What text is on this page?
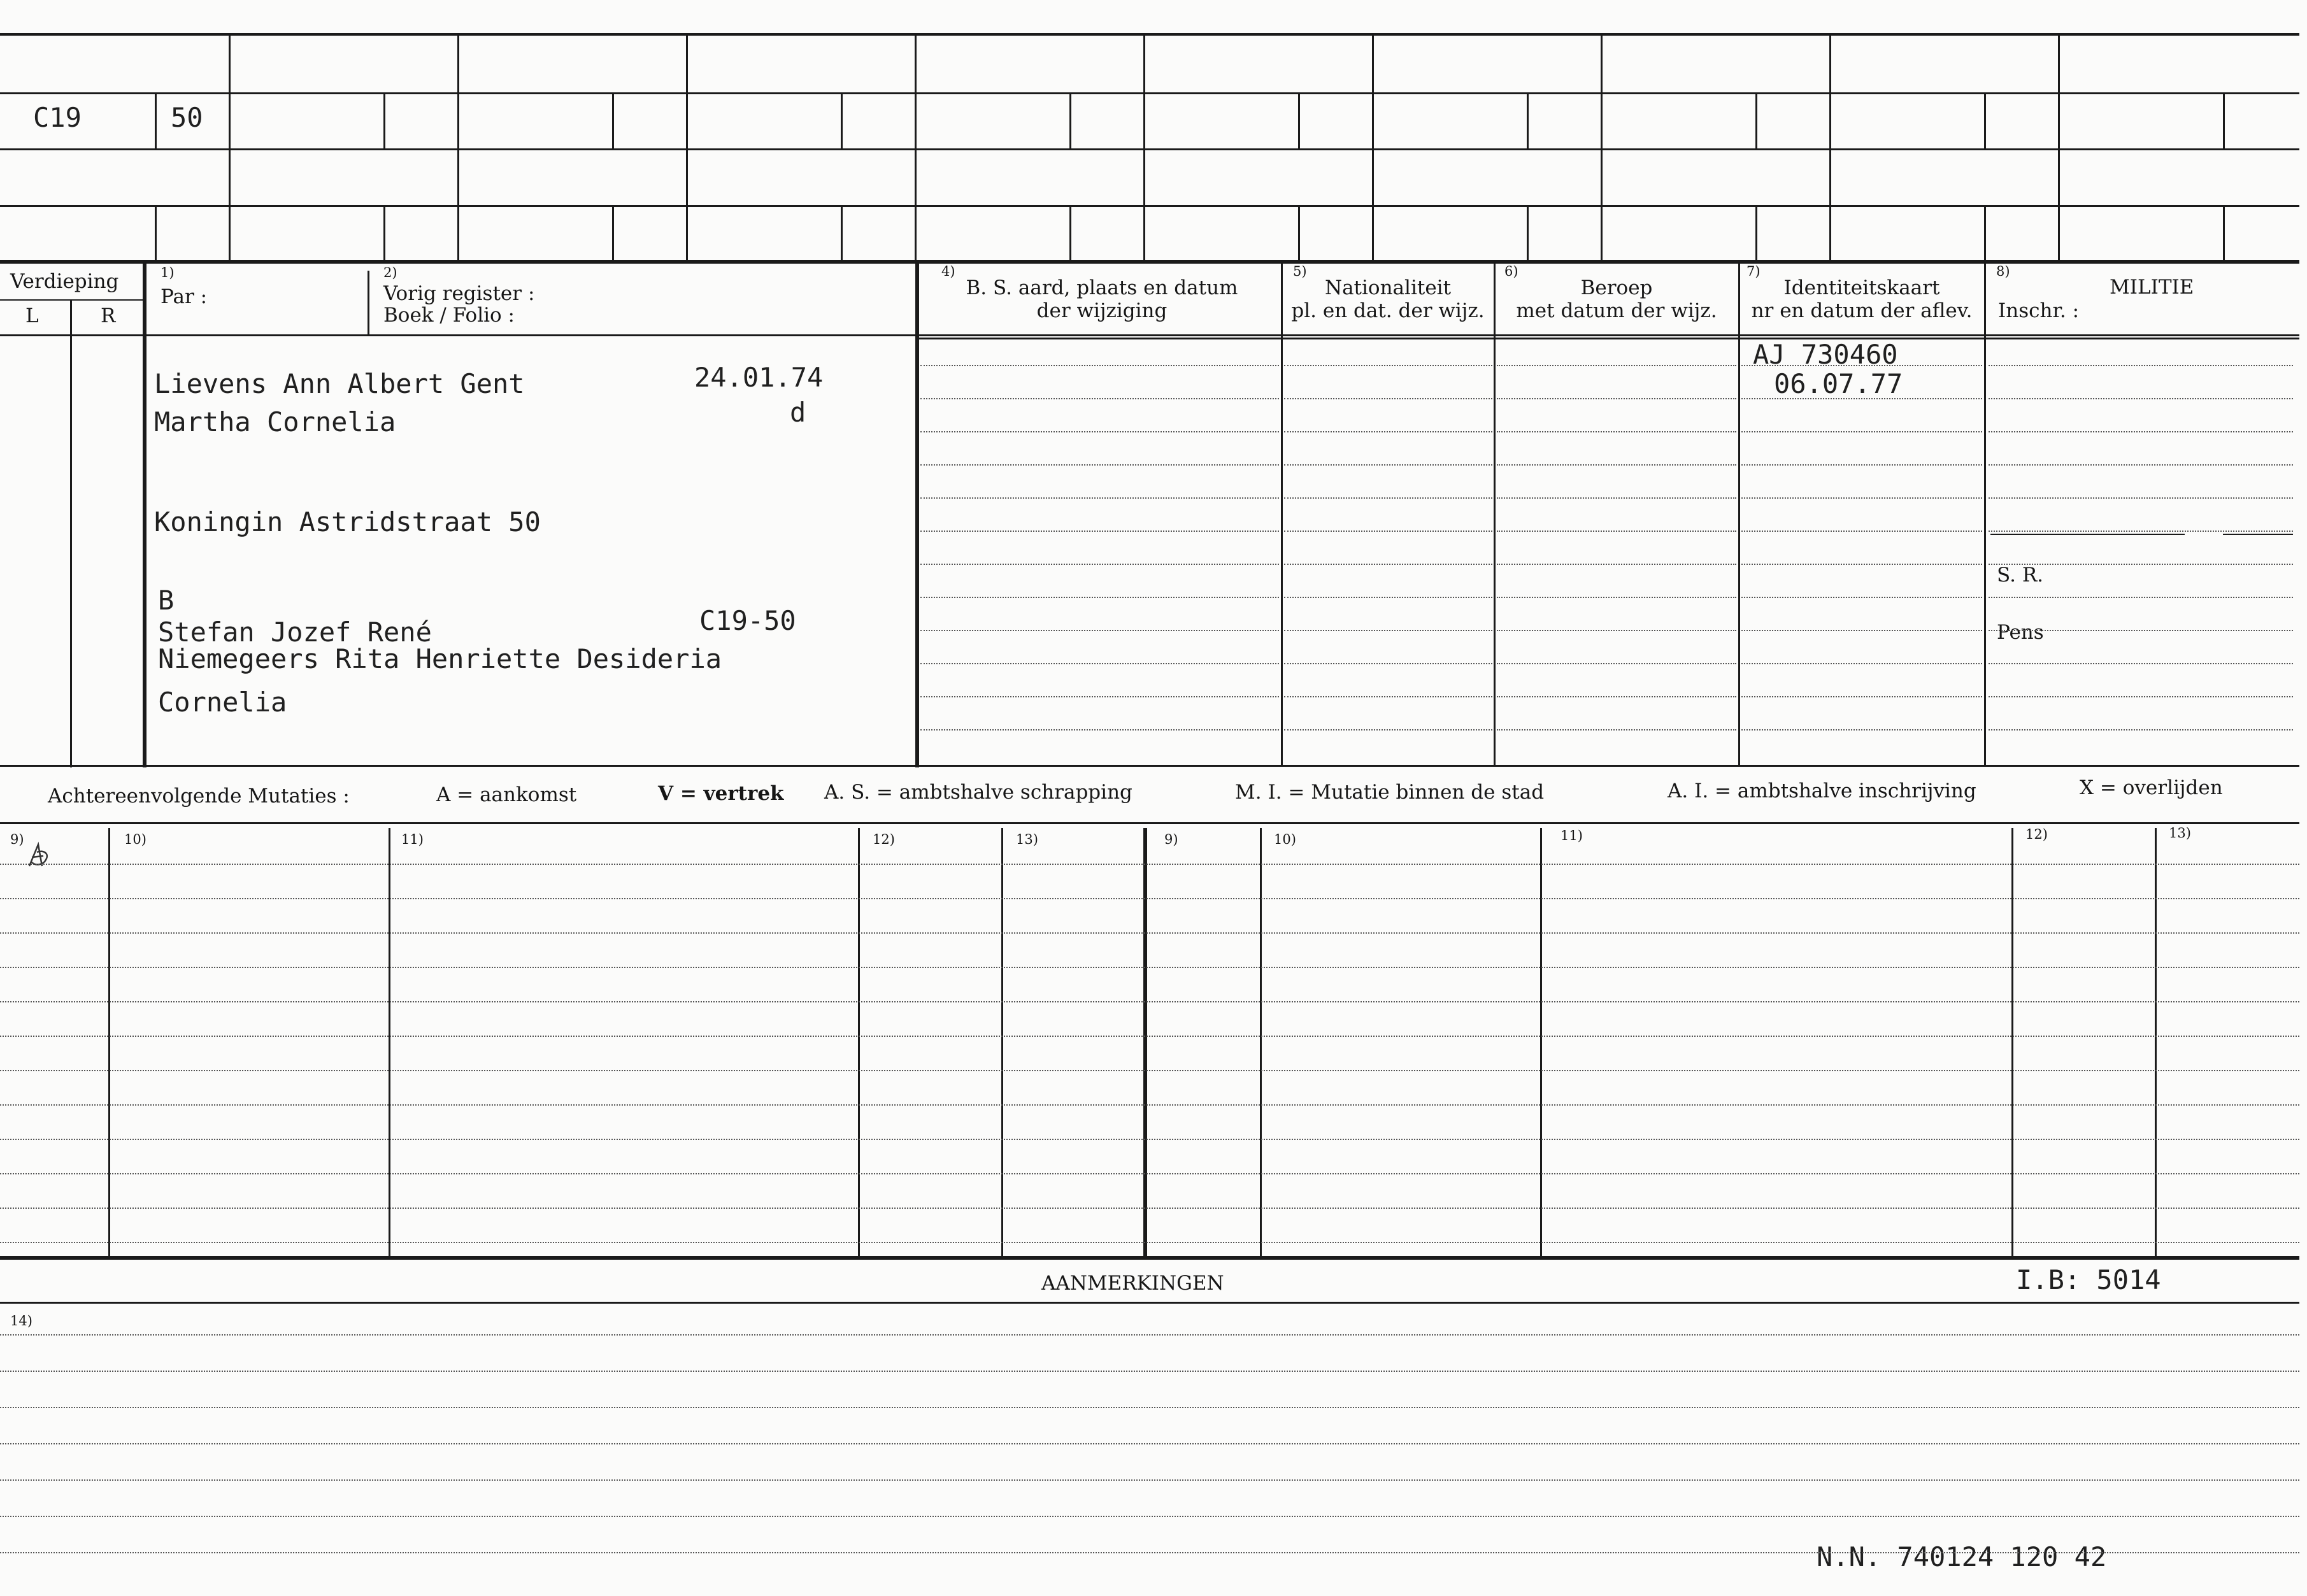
C19	50
Verdieping
L	R
1)
Par :
2)
Vorig register :
Boek / Folio :
4)
B. S. aard, plaats en datum
der wijziging
5)
Nationaliteit
pl. en dat. der wijz.
6)
Beroep
met datum der wijz.
7)
Identiteitskaart
nr en datum der aflev.
8)
MILITIE
Inschr. :
Lievens Ann Albert Gent	24.01.74
d
Martha Cornelia
Koningin Astridstraat 50
B
Stefan Jozef René	C19-50
Niemegeers Rita Henriette Desideria
Cornelia
AJ 730460
06.07.77
S. R.
Pens
Achtereenvolgende Mutaties :	A = aankomst	V = vertrek A. S. = ambtshalve schrapping	M. I. = Mutatie binnen de stad	A. I. = ambtshalve inschrijving	X = overlijden
9)	10)	11)	12)	13)	9)	10)	11)	12)	13)
AANMERKINGEN	I.B: 5014
14)
N.N. 740124 120 42
